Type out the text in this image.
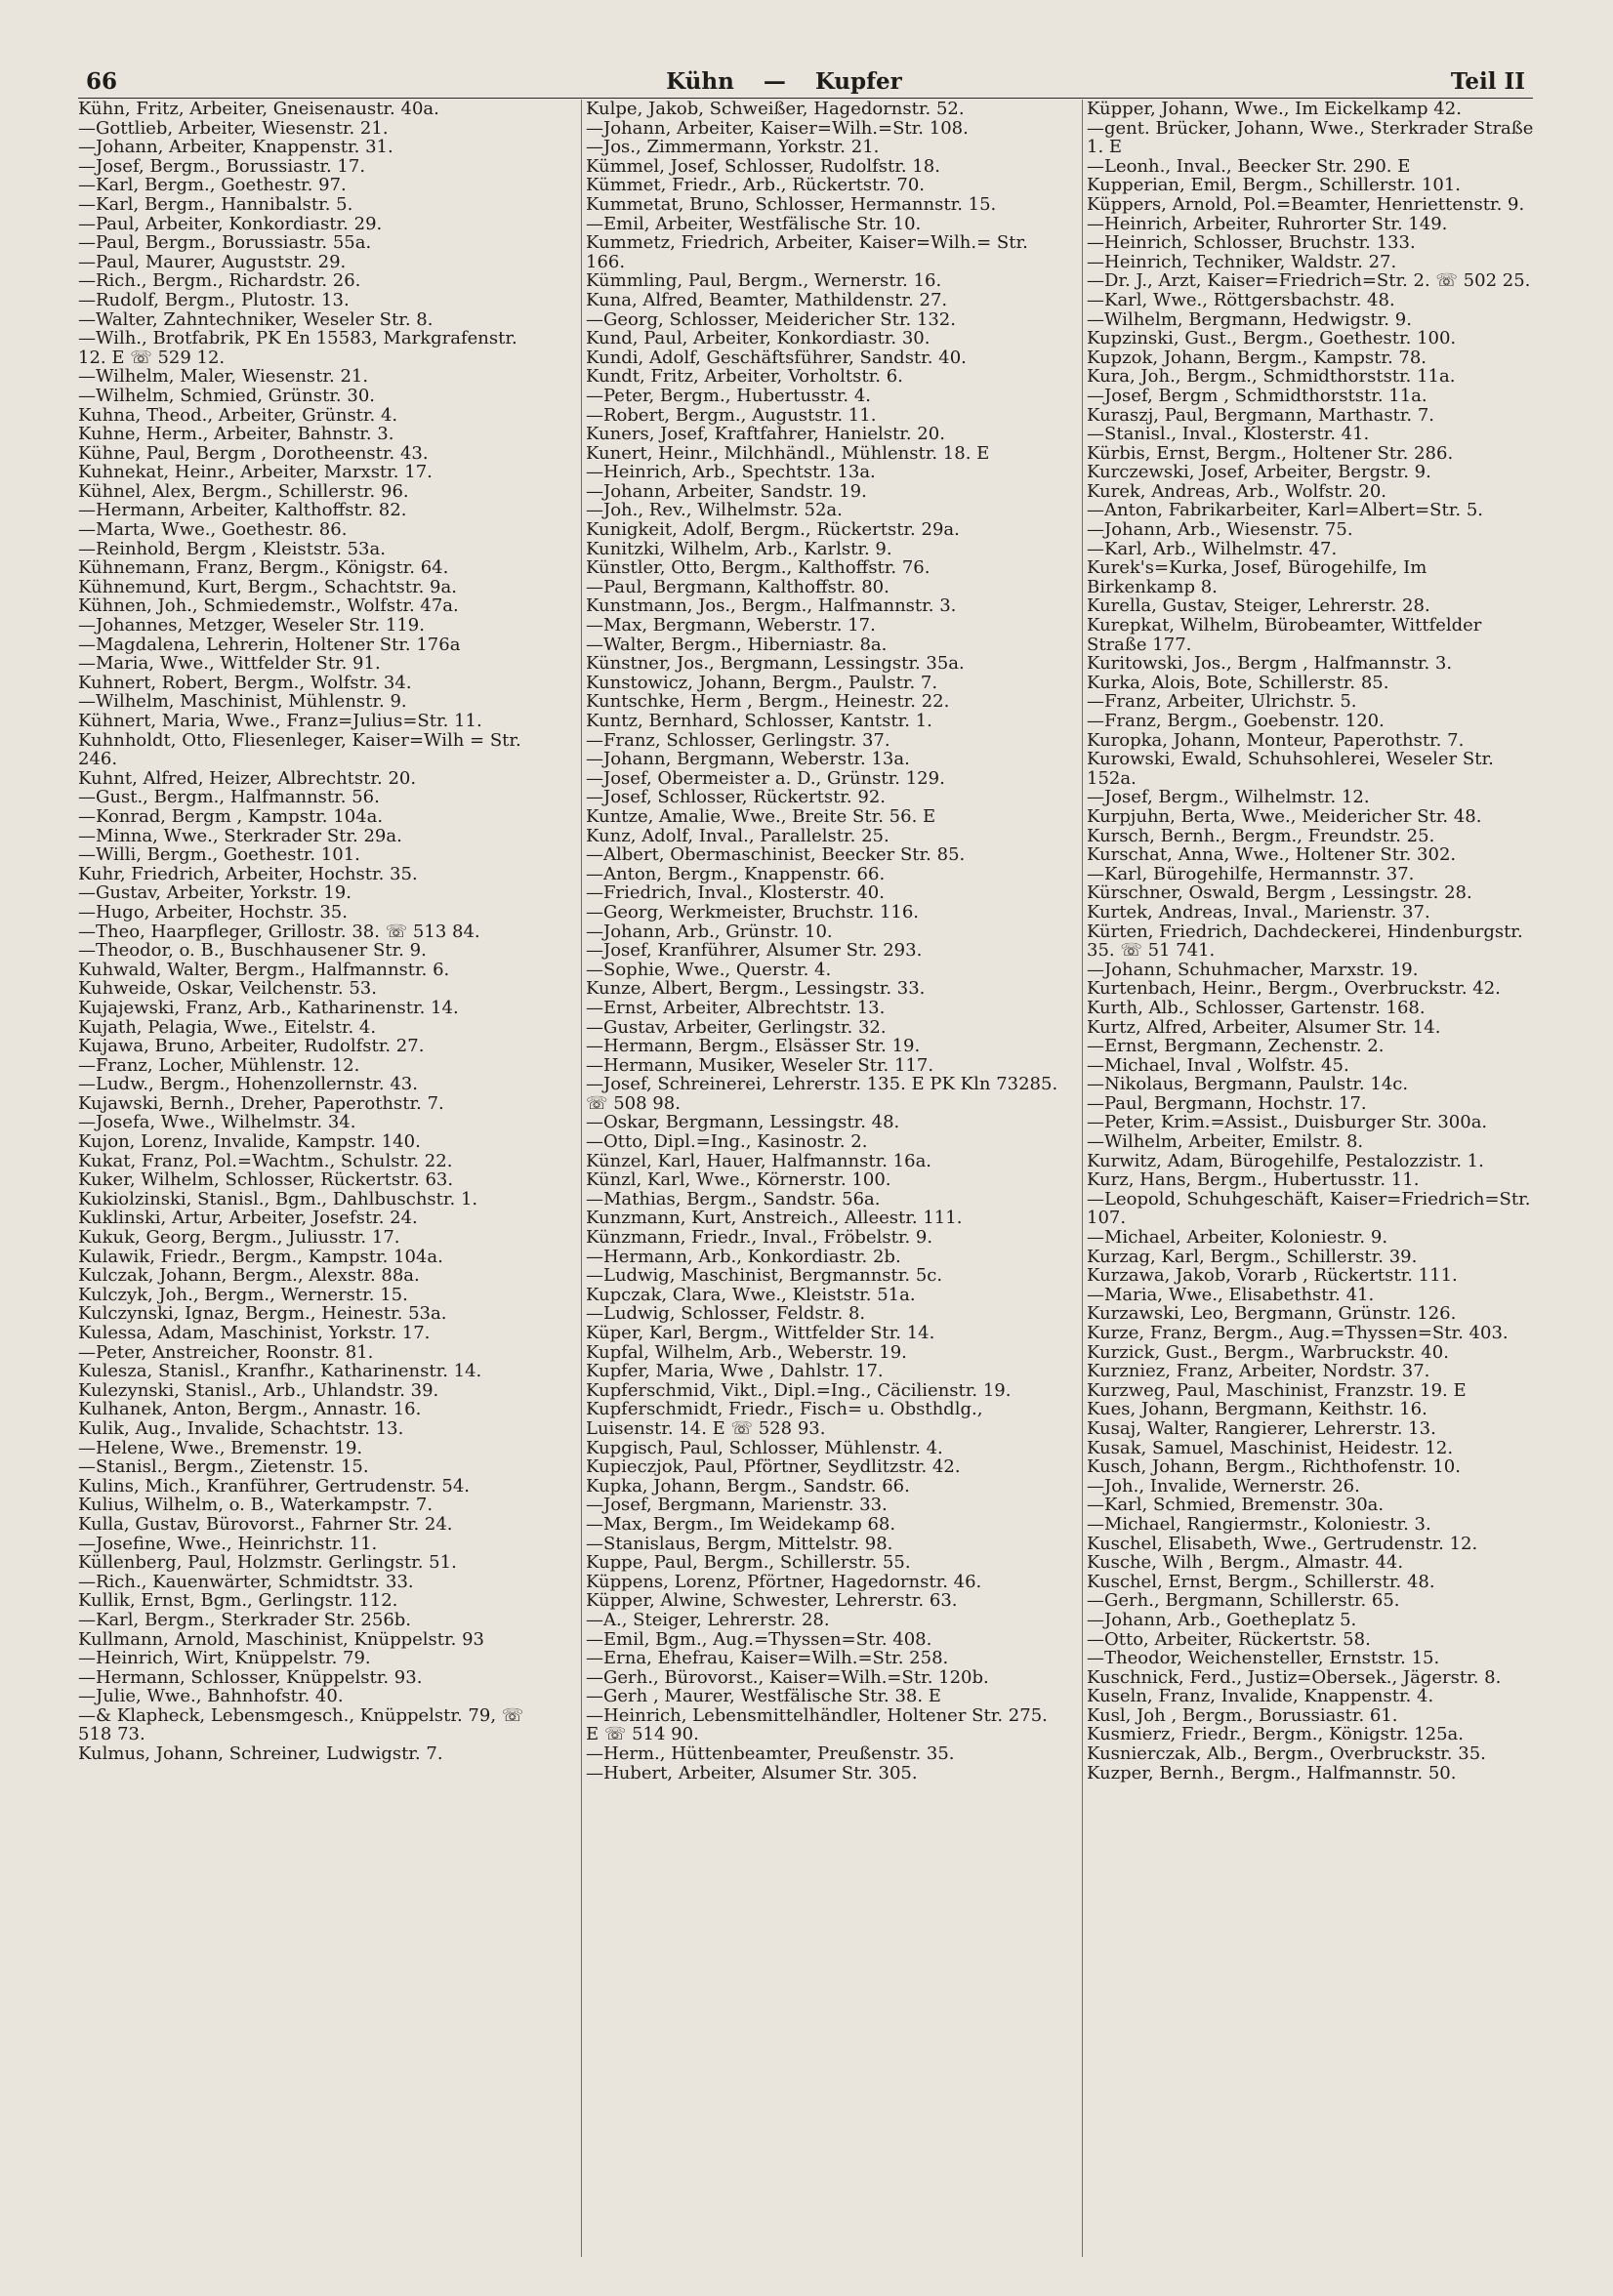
66	Kühn — Kupfer	Teil II
Kühn, Fritz, Arbeiter, Gneisenaustr. 40a.
—Gottlieb, Arbeiter, Wiesenstr. 21.
—Johann, Arbeiter, Knappenstr. 31.
—Josef, Bergm., Borussiastr. 17.
—Karl, Bergm., Goethestr. 97.
—Karl, Bergm., Hannibalstr. 5.
—Paul, Arbeiter, Konkordiastr. 29.
—Paul, Bergm., Borussiastr. 55a.
—Paul, Maurer, Auguststr. 29.
—Rich., Bergm., Richardstr. 26.
—Rudolf, Bergm., Plutostr. 13.
—Walter, Zahntechniker, Weseler Str. 8.
—Wilh., Brotfabrik, PK En 15583, Markgrafenstr. 12. E ☏ 529 12.
—Wilhelm, Maler, Wiesenstr. 21.
—Wilhelm, Schmied, Grünstr. 30.
Kuhna, Theod., Arbeiter, Grünstr. 4.
Kuhne, Herm., Arbeiter, Bahnstr. 3.
Kühne, Paul, Bergm , Dorotheenstr. 43.
Kuhnekat, Heinr., Arbeiter, Marxstr. 17.
Kühnel, Alex, Bergm., Schillerstr. 96.
—Hermann, Arbeiter, Kalthoffstr. 82.
—Marta, Wwe., Goethestr. 86.
—Reinhold, Bergm , Kleiststr. 53a.
Kühnemann, Franz, Bergm., Königstr. 64.
Kühnemund, Kurt, Bergm., Schachtstr. 9a.
Kühnen, Joh., Schmiedemstr., Wolfstr. 47a.
—Johannes, Metzger, Weseler Str. 119.
—Magdalena, Lehrerin, Holtener Str. 176a
—Maria, Wwe., Wittfelder Str. 91.
Kuhnert, Robert, Bergm., Wolfstr. 34.
—Wilhelm, Maschinist, Mühlenstr. 9.
Kühnert, Maria, Wwe., Franz=Julius=Str. 11.
Kuhnholdt, Otto, Fliesenleger, Kaiser=Wilh = Str. 246.
Kuhnt, Alfred, Heizer, Albrechtstr. 20.
—Gust., Bergm., Halfmannstr. 56.
—Konrad, Bergm , Kampstr. 104a.
—Minna, Wwe., Sterkrader Str. 29a.
—Willi, Bergm., Goethestr. 101.
Kuhr, Friedrich, Arbeiter, Hochstr. 35.
—Gustav, Arbeiter, Yorkstr. 19.
—Hugo, Arbeiter, Hochstr. 35.
—Theo, Haarpfleger, Grillostr. 38. ☏ 513 84.
—Theodor, o. B., Buschhausener Str. 9.
Kuhwald, Walter, Bergm., Halfmannstr. 6.
Kuhweide, Oskar, Veilchenstr. 53.
Kujajewski, Franz, Arb., Katharinenstr. 14.
Kujath, Pelagia, Wwe., Eitelstr. 4.
Kujawa, Bruno, Arbeiter, Rudolfstr. 27.
—Franz, Locher, Mühlenstr. 12.
—Ludw., Bergm., Hohenzollernstr. 43.
Kujawski, Bernh., Dreher, Paperothstr. 7.
—Josefa, Wwe., Wilhelmstr. 34.
Kujon, Lorenz, Invalide, Kampstr. 140.
Kukat, Franz, Pol.=Wachtm., Schulstr. 22.
Kuker, Wilhelm, Schlosser, Rückertstr. 63.
Kukiolzinski, Stanisl., Bgm., Dahlbuschstr. 1.
Kuklinski, Artur, Arbeiter, Josefstr. 24.
Kukuk, Georg, Bergm., Juliusstr. 17.
Kulawik, Friedr., Bergm., Kampstr. 104a.
Kulczak, Johann, Bergm., Alexstr. 88a.
Kulczyk, Joh., Bergm., Wernerstr. 15.
Kulczynski, Ignaz, Bergm., Heinestr. 53a.
Kulessa, Adam, Maschinist, Yorkstr. 17.
—Peter, Anstreicher, Roonstr. 81.
Kulesza, Stanisl., Kranfhr., Katharinenstr. 14.
Kulezynski, Stanisl., Arb., Uhlandstr. 39.
Kulhanek, Anton, Bergm., Annastr. 16.
Kulik, Aug., Invalide, Schachtstr. 13.
—Helene, Wwe., Bremenstr. 19.
—Stanisl., Bergm., Zietenstr. 15.
Kulins, Mich., Kranführer, Gertrudenstr. 54.
Kulius, Wilhelm, o. B., Waterkampstr. 7.
Kulla, Gustav, Bürovorst., Fahrner Str. 24.
—Josefine, Wwe., Heinrichstr. 11.
Küllenberg, Paul, Holzmstr. Gerlingstr. 51.
—Rich., Kauenwärter, Schmidtstr. 33.
Kullik, Ernst, Bgm., Gerlingstr. 112.
—Karl, Bergm., Sterkrader Str. 256b.
Kullmann, Arnold, Maschinist, Knüppelstr. 93
—Heinrich, Wirt, Knüppelstr. 79.
—Hermann, Schlosser, Knüppelstr. 93.
—Julie, Wwe., Bahnhofstr. 40.
—& Klapheck, Lebensmgesch., Knüppelstr. 79, ☏ 518 73.
Kulmus, Johann, Schreiner, Ludwigstr. 7.
Kulpe, Jakob, Schweißer, Hagedornstr. 52.
—Johann, Arbeiter, Kaiser=Wilh.=Str. 108.
—Jos., Zimmermann, Yorkstr. 21.
Kümmel, Josef, Schlosser, Rudolfstr. 18.
Kümmet, Friedr., Arb., Rückertstr. 70.
Kummetat, Bruno, Schlosser, Hermannstr. 15.
—Emil, Arbeiter, Westfälische Str. 10.
Kummetz, Friedrich, Arbeiter, Kaiser=Wilh.= Str. 166.
Kümmling, Paul, Bergm., Wernerstr. 16.
Kuna, Alfred, Beamter, Mathildenstr. 27.
—Georg, Schlosser, Meidericher Str. 132.
Kund, Paul, Arbeiter, Konkordiastr. 30.
Kundi, Adolf, Geschäftsführer, Sandstr. 40.
Kundt, Fritz, Arbeiter, Vorholtstr. 6.
—Peter, Bergm., Hubertusstr. 4.
—Robert, Bergm., Auguststr. 11.
Kuners, Josef, Kraftfahrer, Hanielstr. 20.
Kunert, Heinr., Milchhändl., Mühlenstr. 18. E
—Heinrich, Arb., Spechtstr. 13a.
—Johann, Arbeiter, Sandstr. 19.
—Joh., Rev., Wilhelmstr. 52a.
Kunigkeit, Adolf, Bergm., Rückertstr. 29a.
Kunitzki, Wilhelm, Arb., Karlstr. 9.
Künstler, Otto, Bergm., Kalthoffstr. 76.
—Paul, Bergmann, Kalthoffstr. 80.
Kunstmann, Jos., Bergm., Halfmannstr. 3.
—Max, Bergmann, Weberstr. 17.
—Walter, Bergm., Hiberniastr. 8a.
Künstner, Jos., Bergmann, Lessingstr. 35a.
Kunstowicz, Johann, Bergm., Paulstr. 7.
Kuntschke, Herm , Bergm., Heinestr. 22.
Kuntz, Bernhard, Schlosser, Kantstr. 1.
—Franz, Schlosser, Gerlingstr. 37.
—Johann, Bergmann, Weberstr. 13a.
—Josef, Obermeister a. D., Grünstr. 129.
—Josef, Schlosser, Rückertstr. 92.
Kuntze, Amalie, Wwe., Breite Str. 56. E
Kunz, Adolf, Inval., Parallelstr. 25.
—Albert, Obermaschinist, Beecker Str. 85.
—Anton, Bergm., Knappenstr. 66.
—Friedrich, Inval., Klosterstr. 40.
—Georg, Werkmeister, Bruchstr. 116.
—Johann, Arb., Grünstr. 10.
—Josef, Kranführer, Alsumer Str. 293.
—Sophie, Wwe., Querstr. 4.
Kunze, Albert, Bergm., Lessingstr. 33.
—Ernst, Arbeiter, Albrechtstr. 13.
—Gustav, Arbeiter, Gerlingstr. 32.
—Hermann, Bergm., Elsässer Str. 19.
—Hermann, Musiker, Weseler Str. 117.
—Josef, Schreinerei, Lehrerstr. 135. E PK Kln 73285. ☏ 508 98.
—Oskar, Bergmann, Lessingstr. 48.
—Otto, Dipl.=Ing., Kasinostr. 2.
Künzel, Karl, Hauer, Halfmannstr. 16a.
Künzl, Karl, Wwe., Körnerstr. 100.
—Mathias, Bergm., Sandstr. 56a.
Kunzmann, Kurt, Anstreich., Alleestr. 111.
Künzmann, Friedr., Inval., Fröbelstr. 9.
—Hermann, Arb., Konkordiastr. 2b.
—Ludwig, Maschinist, Bergmannstr. 5c.
Kupczak, Clara, Wwe., Kleiststr. 51a.
—Ludwig, Schlosser, Feldstr. 8.
Küper, Karl, Bergm., Wittfelder Str. 14.
Kupfal, Wilhelm, Arb., Weberstr. 19.
Kupfer, Maria, Wwe , Dahlstr. 17.
Kupferschmid, Vikt., Dipl.=Ing., Cäcilienstr. 19.
Kupferschmidt, Friedr., Fisch= u. Obsthdlg., Luisenstr. 14. E ☏ 528 93.
Kupgisch, Paul, Schlosser, Mühlenstr. 4.
Kupieczjok, Paul, Pförtner, Seydlitzstr. 42.
Kupka, Johann, Bergm., Sandstr. 66.
—Josef, Bergmann, Marienstr. 33.
—Max, Bergm., Im Weidekamp 68.
—Stanislaus, Bergm, Mittelstr. 98.
Kuppe, Paul, Bergm., Schillerstr. 55.
Küppens, Lorenz, Pförtner, Hagedornstr. 46.
Küpper, Alwine, Schwester, Lehrerstr. 63.
—A., Steiger, Lehrerstr. 28.
—Emil, Bgm., Aug.=Thyssen=Str. 408.
—Erna, Ehefrau, Kaiser=Wilh.=Str. 258.
—Gerh., Bürovorst., Kaiser=Wilh.=Str. 120b.
—Gerh , Maurer, Westfälische Str. 38. E
—Heinrich, Lebensmittelhändler, Holtener Str. 275. E ☏ 514 90.
—Herm., Hüttenbeamter, Preußenstr. 35.
—Hubert, Arbeiter, Alsumer Str. 305.
Küpper, Johann, Wwe., Im Eickelkamp 42.
—gent. Brücker, Johann, Wwe., Sterkrader Straße 1. E
—Leonh., Inval., Beecker Str. 290. E
Kupperian, Emil, Bergm., Schillerstr. 101.
Küppers, Arnold, Pol.=Beamter, Henriettenstr. 9.
—Heinrich, Arbeiter, Ruhrorter Str. 149.
—Heinrich, Schlosser, Bruchstr. 133.
—Heinrich, Techniker, Waldstr. 27.
—Dr. J., Arzt, Kaiser=Friedrich=Str. 2. ☏ 502 25.
—Karl, Wwe., Röttgersbachstr. 48.
—Wilhelm, Bergmann, Hedwigstr. 9.
Kupzinski, Gust., Bergm., Goethestr. 100.
Kupzok, Johann, Bergm., Kampstr. 78.
Kura, Joh., Bergm., Schmidthorststr. 11a.
—Josef, Bergm , Schmidthorststr. 11a.
Kuraszj, Paul, Bergmann, Marthastr. 7.
—Stanisl., Inval., Klosterstr. 41.
Kürbis, Ernst, Bergm., Holtener Str. 286.
Kurczewski, Josef, Arbeiter, Bergstr. 9.
Kurek, Andreas, Arb., Wolfstr. 20.
—Anton, Fabrikarbeiter, Karl=Albert=Str. 5.
—Johann, Arb., Wiesenstr. 75.
—Karl, Arb., Wilhelmstr. 47.
Kurek's=Kurka, Josef, Bürogehilfe, Im Birkenkamp 8.
Kurella, Gustav, Steiger, Lehrerstr. 28.
Kurepkat, Wilhelm, Bürobeamter, Wittfelder Straße 177.
Kuritowski, Jos., Bergm , Halfmannstr. 3.
Kurka, Alois, Bote, Schillerstr. 85.
—Franz, Arbeiter, Ulrichstr. 5.
—Franz, Bergm., Goebenstr. 120.
Kuropka, Johann, Monteur, Paperothstr. 7.
Kurowski, Ewald, Schuhsohlerei, Weseler Str. 152a.
—Josef, Bergm., Wilhelmstr. 12.
Kurpjuhn, Berta, Wwe., Meidericher Str. 48.
Kursch, Bernh., Bergm., Freundstr. 25.
Kurschat, Anna, Wwe., Holtener Str. 302.
—Karl, Bürogehilfe, Hermannstr. 37.
Kürschner, Oswald, Bergm , Lessingstr. 28.
Kurtek, Andreas, Inval., Marienstr. 37.
Kürten, Friedrich, Dachdeckerei, Hindenburgstr. 35. ☏ 51 741.
—Johann, Schuhmacher, Marxstr. 19.
Kurtenbach, Heinr., Bergm., Overbruckstr. 42.
Kurth, Alb., Schlosser, Gartenstr. 168.
Kurtz, Alfred, Arbeiter, Alsumer Str. 14.
—Ernst, Bergmann, Zechenstr. 2.
—Michael, Inval , Wolfstr. 45.
—Nikolaus, Bergmann, Paulstr. 14c.
—Paul, Bergmann, Hochstr. 17.
—Peter, Krim.=Assist., Duisburger Str. 300a.
—Wilhelm, Arbeiter, Emilstr. 8.
Kurwitz, Adam, Bürogehilfe, Pestalozzistr. 1.
Kurz, Hans, Bergm., Hubertusstr. 11.
—Leopold, Schuhgeschäft, Kaiser=Friedrich=Str. 107.
—Michael, Arbeiter, Koloniestr. 9.
Kurzag, Karl, Bergm., Schillerstr. 39.
Kurzawa, Jakob, Vorarb , Rückertstr. 111.
—Maria, Wwe., Elisabethstr. 41.
Kurzawski, Leo, Bergmann, Grünstr. 126.
Kurze, Franz, Bergm., Aug.=Thyssen=Str. 403.
Kurzick, Gust., Bergm., Warbruckstr. 40.
Kurzniez, Franz, Arbeiter, Nordstr. 37.
Kurzweg, Paul, Maschinist, Franzstr. 19. E
Kues, Johann, Bergmann, Keithstr. 16.
Kusaj, Walter, Rangierer, Lehrerstr. 13.
Kusak, Samuel, Maschinist, Heidestr. 12.
Kusch, Johann, Bergm., Richthofenstr. 10.
—Joh., Invalide, Wernerstr. 26.
—Karl, Schmied, Bremenstr. 30a.
—Michael, Rangiermstr., Koloniestr. 3.
Kuschel, Elisabeth, Wwe., Gertrudenstr. 12.
Kusche, Wilh , Bergm., Almastr. 44.
Kuschel, Ernst, Bergm., Schillerstr. 48.
—Gerh., Bergmann, Schillerstr. 65.
—Johann, Arb., Goetheplatz 5.
—Otto, Arbeiter, Rückertstr. 58.
—Theodor, Weichensteller, Ernststr. 15.
Kuschnick, Ferd., Justiz=Obersek., Jägerstr. 8.
Kuseln, Franz, Invalide, Knappenstr. 4.
Kusl, Joh , Bergm., Borussiastr. 61.
Kusmierz, Friedr., Bergm., Königstr. 125a.
Kusnierczak, Alb., Bergm., Overbruckstr. 35.
Kuzper, Bernh., Bergm., Halfmannstr. 50.
